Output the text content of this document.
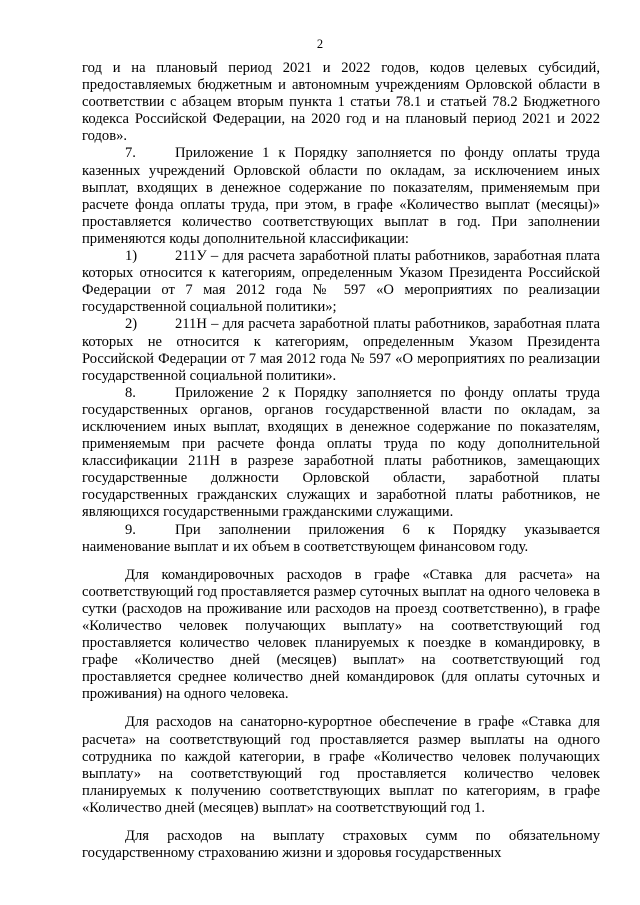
2

год и на плановый период 2021 и 2022 годов, кодов целевых субсидий, предоставляемых бюджетным и автономным учреждениям Орловской области в соответствии с абзацем вторым пункта 1 статьи 78.1 и статьей 78.2 Бюджетного кодекса Российской Федерации, на 2020 год и на плановый период 2021 и 2022 годов».

7.	Приложение 1 к Порядку заполняется по фонду оплаты труда казенных учреждений Орловской области по окладам, за исключением иных выплат, входящих в денежное содержание по показателям, применяемым при расчете фонда оплаты труда, при этом, в графе «Количество выплат (месяцы)» проставляется количество соответствующих выплат в год. При заполнении применяются коды дополнительной классификации:

1)	211У – для расчета заработной платы работников, заработная плата которых относится к категориям, определенным Указом Президента Российской Федерации от 7 мая 2012 года № 597 «О мероприятиях по реализации государственной социальной политики»;

2)	211Н – для расчета заработной платы работников, заработная плата которых не относится к категориям, определенным Указом Президента Российской Федерации от 7 мая 2012 года № 597 «О мероприятиях по реализации государственной социальной политики».

8.	Приложение 2 к Порядку заполняется по фонду оплаты труда государственных органов, органов государственной власти по окладам, за исключением иных выплат, входящих в денежное содержание по показателям, применяемым при расчете фонда оплаты труда по коду дополнительной классификации 211Н в разрезе заработной платы работников, замещающих государственные должности Орловской области, заработной платы государственных гражданских служащих и заработной платы работников, не являющихся государственными гражданскими служащими.

9.	При заполнении приложения 6 к Порядку указывается наименование выплат и их объем в соответствующем финансовом году.

Для командировочных расходов в графе «Ставка для расчета» на соответствующий год проставляется размер суточных выплат на одного человека в сутки (расходов на проживание или расходов на проезд соответственно), в графе «Количество человек получающих выплату» на соответствующий год проставляется количество человек планируемых к поездке в командировку, в графе «Количество дней (месяцев) выплат» на соответствующий год проставляется среднее количество дней командировок (для оплаты суточных и проживания) на одного человека.

Для расходов на санаторно-курортное обеспечение в графе «Ставка для расчета» на соответствующий год проставляется размер выплаты на одного сотрудника по каждой категории, в графе «Количество человек получающих выплату» на соответствующий год проставляется количество человек планируемых к получению соответствующих выплат по категориям, в графе «Количество дней (месяцев) выплат» на соответствующий год 1.

Для расходов на выплату страховых сумм по обязательному государственному страхованию жизни и здоровья государственных
